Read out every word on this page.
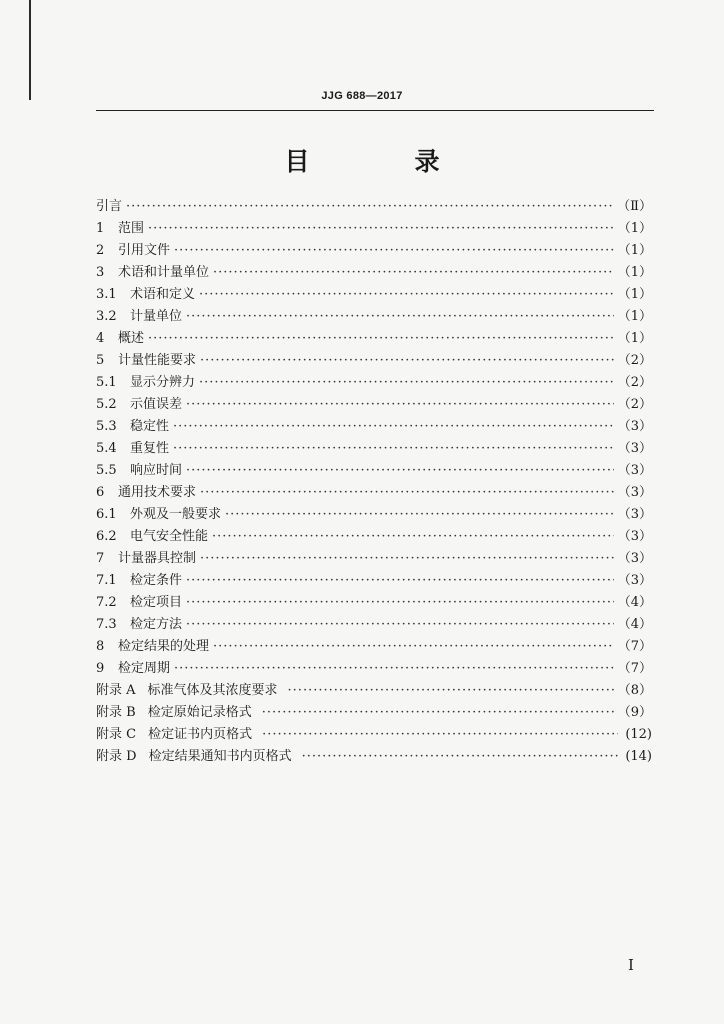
JJG 688—2017
目　录
引言 ·····	（Ⅱ）
1 范围 ·····	（1）
2 引用文件 ·····	（1）
3 术语和计量单位 ·····	（1）
3.1	术语和定义 ·····	（1）
3.2	计量单位 ·····	（1）
4 概述 ·····	（1）
5 计量性能要求 ·····	（2）
5.1	显示分辨力 ·····	（2）
5.2	示值误差 ·····	（2）
5.3	稳定性 ·····	（3）
5.4	重复性 ·····	（3）
5.5	响应时间 ·····	（3）
6 通用技术要求 ·····	（3）
6.1	外观及一般要求 ·····	（3）
6.2	电气安全性能 ·····	（3）
7 计量器具控制 ·····	（3）
7.1	检定条件 ·····	（3）
7.2	检定项目 ·····	（4）
7.3	检定方法 ·····	（4）
8 检定结果的处理 ·····	（7）
9 检定周期 ·····	（7）
附录 A 标准气体及其浓度要求 ·····	（8）
附录 B 检定原始记录格式 ·····	（9）
附录 C 检定证书内页格式 ·····	(12)
附录 D 检定结果通知书内页格式 ·····	(14)
I
